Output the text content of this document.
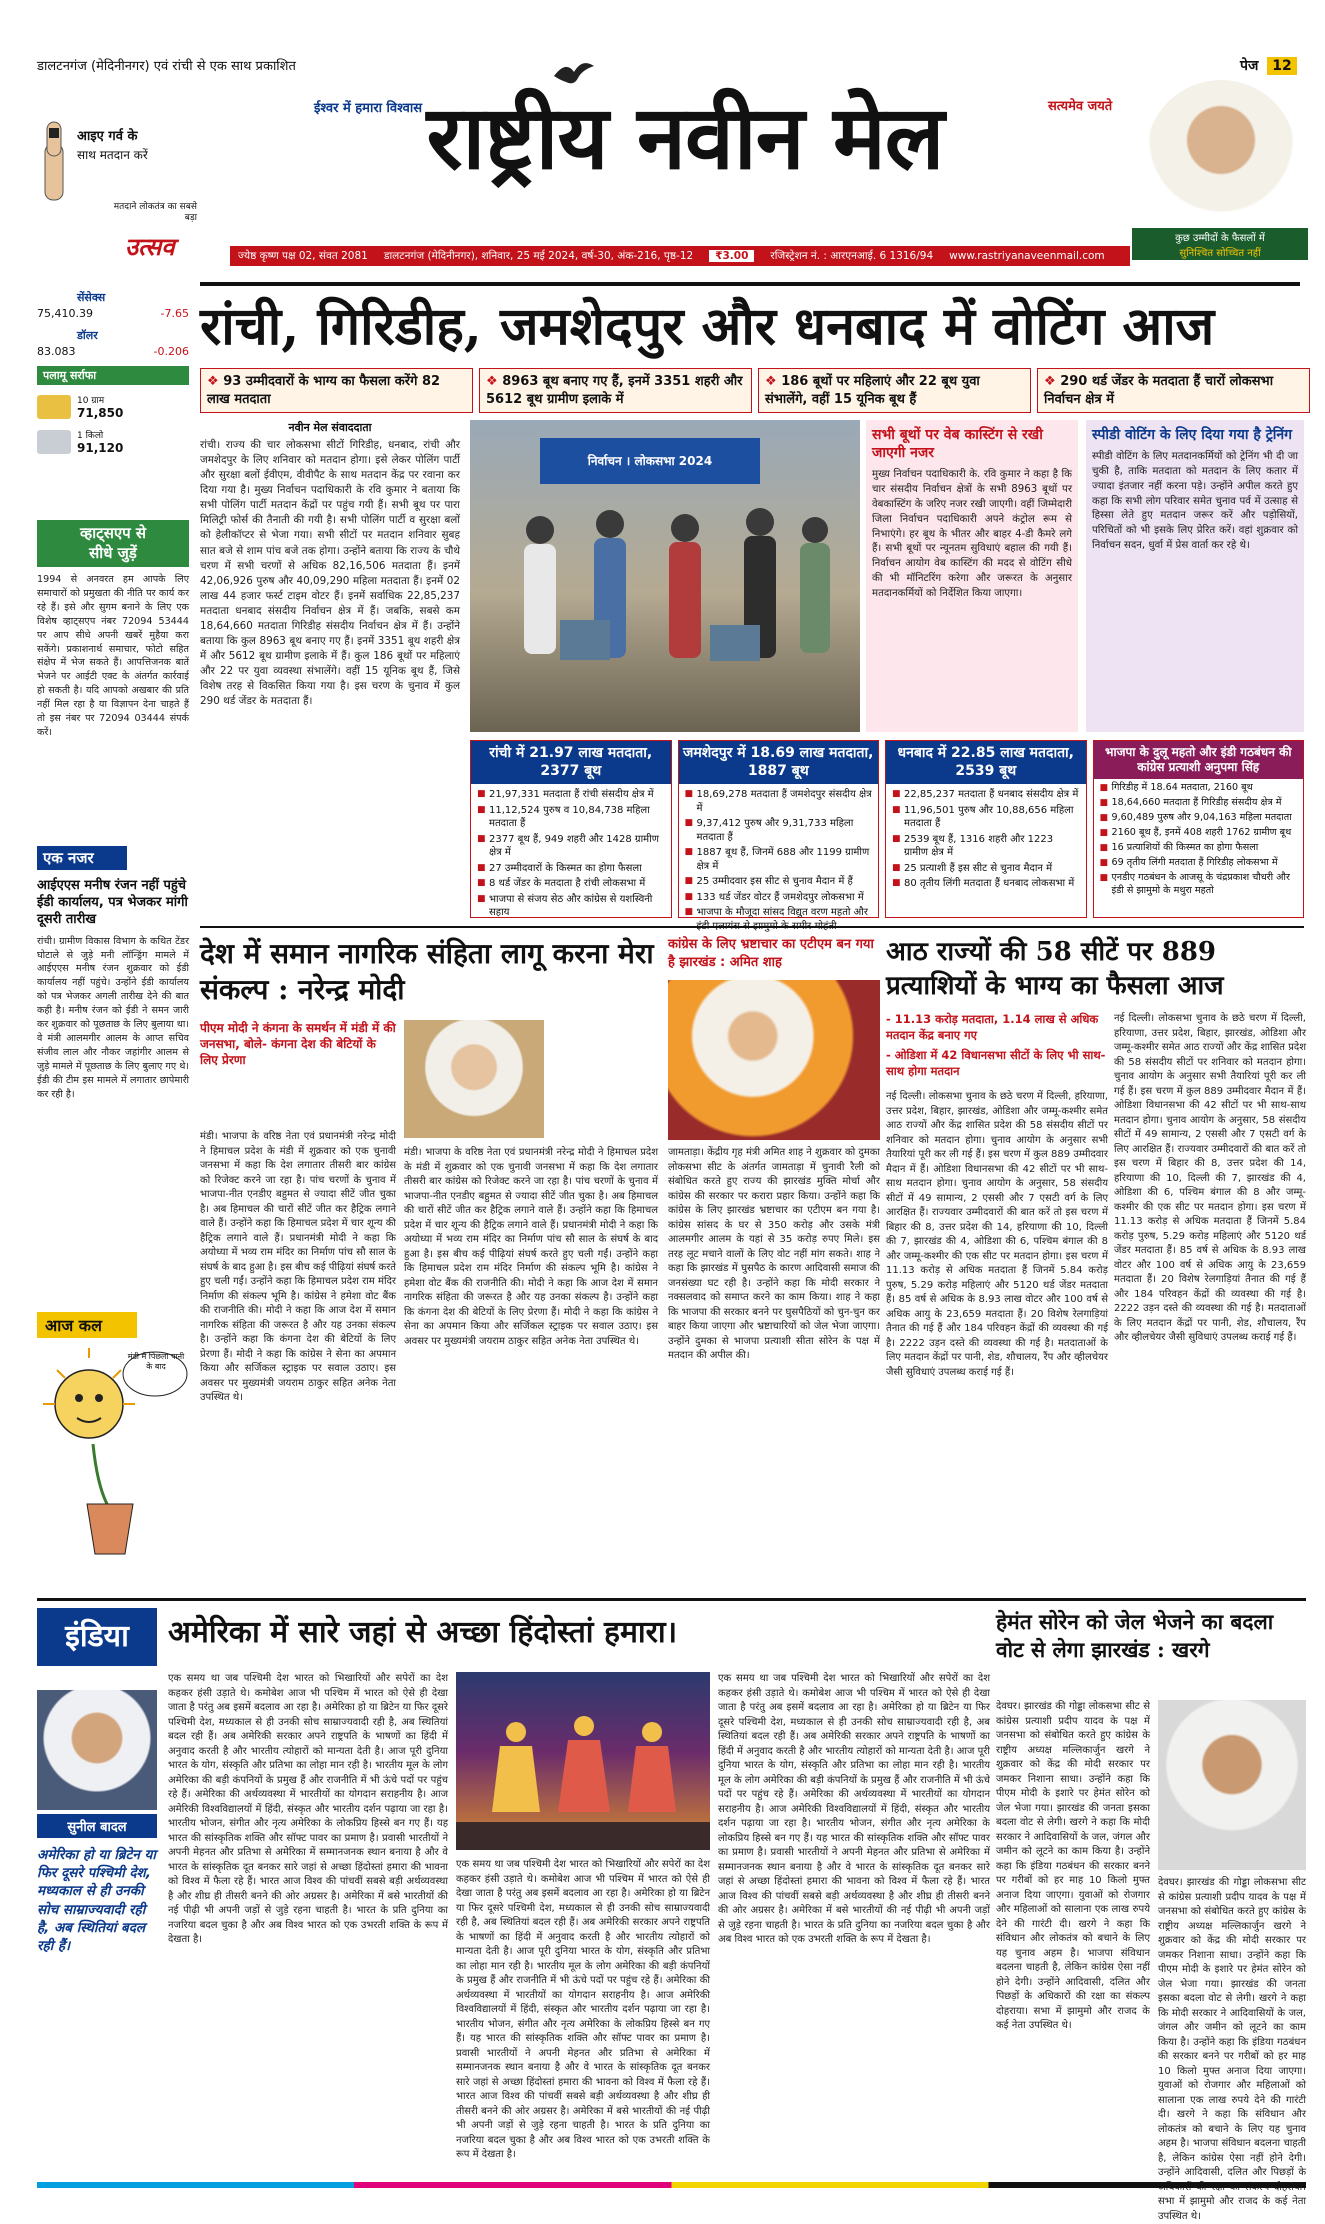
डालटनगंज (मेदिनीनगर) एवं रांची से एक साथ प्रकाशित	पेज 12
आइए गर्व के
साथ मतदान करें
मतदाने लोकतंत्र का सबसे बड़ा
उत्सव
ईश्वर में हमारा विश्वास राष्ट्रीय नवीन मेल	सत्यमेव जयते
कुछ उम्मीदों के फैसलों में
सुनिश्चित सोच्चित नहीं
ज्येष्ठ कृष्ण पक्ष 02, संवत 2081 डालटनगंज (मेदिनीनगर), शनिवार, 25 मई 2024, वर्ष-30, अंक-216, पृष्ठ-12	₹3.00	रजिस्ट्रेशन नं. : आरएनआई. 6 1316/94 www.rastriyanaveenmail.com
सेंसेक्स
75,410.39	-7.65
डॉलर
83.083	-0.206
पलामू सर्राफा
10 ग्राम
71,850
1 किलो
91,120
व्हाट्सएप से
सीधे जुड़ें
1994 से अनवरत हम आपके लिए समाचारों को प्रमुखता की नीति पर कार्य कर रहे हैं। इसे और सुगम बनाने के लिए एक विशेष व्हाट्सएप नंबर 72094 53444 पर आप सीधे अपनी खबरें मुहैया करा सकेंगे। प्रकाशनार्थ समाचार, फोटो सहित संक्षेप में भेज सकते हैं। आपत्तिजनक बातें भेजने पर आईटी एक्ट के अंतर्गत कार्रवाई हो सकती है। यदि आपको अखबार की प्रति नहीं मिल रहा है या विज्ञापन देना चाहते हैं तो इस नंबर पर 72094 03444 संपर्क करें।
एक नजर
आईएएस मनीष रंजन नहीं पहुंचे ईडी कार्यालय, पत्र भेजकर मांगी दूसरी तारीख
रांची। ग्रामीण विकास विभाग के कथित टेंडर घोटाले से जुड़े मनी लॉन्ड्रिंग मामले में आईएएस मनीष रंजन शुक्रवार को ईडी कार्यालय नहीं पहुंचे। उन्होंने ईडी कार्यालय को पत्र भेजकर अगली तारीख देने की बात कही है। मनीष रंजन को ईडी ने समन जारी कर शुक्रवार को पूछताछ के लिए बुलाया था। वे मंत्री आलमगीर आलम के आप्त सचिव संजीव लाल और नौकर जहांगीर आलम से जुड़े मामले में पूछताछ के लिए बुलाए गए थे। ईडी की टीम इस मामले में लगातार छापेमारी कर रही है।
आज कल
मंडी में पिछला पानी के बाद
रांची, गिरिडीह, जमशेदपुर और धनबाद में वोटिंग आज
❖ 93 उम्मीदवारों के भाग्य का फैसला करेंगे 82 लाख मतदाता
❖ 8963 बूथ बनाए गए हैं, इनमें 3351 शहरी और 5612 बूथ ग्रामीण इलाके में
❖ 186 बूथों पर महिलाएं और 22 बूथ युवा संभालेंगे, वहीं 15 यूनिक बूथ हैं
❖ 290 थर्ड जेंडर के मतदाता हैं चारों लोकसभा निर्वाचन क्षेत्र में
नवीन मेल संवाददाता
रांची। राज्य की चार लोकसभा सीटों गिरिडीह, धनबाद, रांची और जमशेदपुर के लिए शनिवार को मतदान होगा। इसे लेकर पोलिंग पार्टी और सुरक्षा बलों ईवीएम, वीवीपैट के साथ मतदान केंद्र पर रवाना कर दिया गया है। मुख्य निर्वाचन पदाधिकारी के रवि कुमार ने बताया कि सभी पोलिंग पार्टी मतदान केंद्रों पर पहुंच गयी हैं। सभी बूथ पर पारा मिलिट्री फोर्स की तैनाती की गयी है। सभी पोलिंग पार्टी व सुरक्षा बलों को हेलीकॉप्टर से भेजा गया। सभी सीटों पर मतदान शनिवार सुबह सात बजे से शाम पांच बजे तक होगा। उन्होंने बताया कि राज्य के चौथे चरण में सभी चरणों से अधिक 82,16,506 मतदाता हैं। इनमें 42,06,926 पुरुष और 40,09,290 महिला मतदाता हैं। इनमें 02 लाख 44 हजार फर्स्ट टाइम वोटर हैं। इनमें सर्वाधिक 22,85,237 मतदाता धनबाद संसदीय निर्वाचन क्षेत्र में हैं। जबकि, सबसे कम 18,64,660 मतदाता गिरिडीह संसदीय निर्वाचन क्षेत्र में हैं। उन्होंने बताया कि कुल 8963 बूथ बनाए गए हैं। इनमें 3351 बूथ शहरी क्षेत्र में और 5612 बूथ ग्रामीण इलाके में हैं। कुल 186 बूथों पर महिलाएं और 22 पर युवा व्यवस्था संभालेंगे। वहीं 15 यूनिक बूथ हैं, जिसे विशेष तरह से विकसित किया गया है। इस चरण के चुनाव में कुल 290 थर्ड जेंडर के मतदाता हैं।
निर्वाचन । लोकसभा 2024
सभी बूथों पर वेब कास्टिंग से रखी जाएगी नजर
मुख्य निर्वाचन पदाधिकारी के. रवि कुमार ने कहा है कि चार संसदीय निर्वाचन क्षेत्रों के सभी 8963 बूथों पर वेबकास्टिंग के जरिए नजर रखी जाएगी। वहीं जिम्मेदारी जिला निर्वाचन पदाधिकारी अपने कंट्रोल रूम से निभाएंगे। हर बूथ के भीतर और बाहर 4-डी कैमरे लगे हैं। सभी बूथों पर न्यूनतम सुविधाएं बहाल की गयी हैं। निर्वाचन आयोग वेब कास्टिंग की मदद से वोटिंग सीधे की भी मॉनिटरिंग करेगा और जरूरत के अनुसार मतदानकर्मियों को निर्देशित किया जाएगा।
स्पीडी वोटिंग के लिए दिया गया है ट्रेनिंग
स्पीडी वोटिंग के लिए मतदानकर्मियों को ट्रेनिंग भी दी जा चुकी है, ताकि मतदाता को मतदान के लिए कतार में ज्यादा इंतजार नहीं करना पड़े। उन्होंने अपील करते हुए कहा कि सभी लोग परिवार समेत चुनाव पर्व में उत्साह से हिस्सा लेते हुए मतदान जरूर करें और पड़ोसियों, परिचितों को भी इसके लिए प्रेरित करें। वहां शुक्रवार को निर्वाचन सदन, धुर्वा में प्रेस वार्ता कर रहे थे।
रांची में 21.97 लाख मतदाता, 2377 बूथ
■ 21,97,331 मतदाता हैं रांची संसदीय क्षेत्र में
■ 11,12,524 पुरुष व 10,84,738 महिला मतदाता हैं
■ 2377 बूथ हैं, 949 शहरी और 1428 ग्रामीण क्षेत्र में
■ 27 उम्मीदवारों के किस्मत का होगा फैसला
■ 8 थर्ड जेंडर के मतदाता है रांची लोकसभा में
■ भाजपा से संजय सेठ और कांग्रेस से यशस्विनी सहाय
जमशेदपुर में 18.69 लाख मतदाता, 1887 बूथ
■ 18,69,278 मतदाता हैं जमशेदपुर संसदीय क्षेत्र में
■ 9,37,412 पुरुष और 9,31,733 महिला मतदाता हैं
■ 1887 बूथ हैं, जिनमें 688 और 1199 ग्रामीण क्षेत्र में
■ 25 उम्मीदवार इस सीट से चुनाव मैदान में हैं
■ 133 थर्ड जेंडर वोटर हैं जमशेदपुर लोकसभा में
■ भाजपा के मौजूदा सांसद विद्युत वरण महतो और
धनबाद में 22.85 लाख मतदाता, 2539 बूथ
■ 22,85,237 मतदाता हैं धनबाद संसदीय क्षेत्र में
■ 11,96,501 पुरुष और 10,88,656 महिला मतदाता हैं
■ 2539 बूथ हैं, 1316 शहरी और 1223 ग्रामीण क्षेत्र में
■ 25 प्रत्याशी हैं इस सीट से चुनाव मैदान में
■ 80 तृतीय लिंगी मतदाता हैं धनबाद लोकसभा में
भाजपा के दुलू महतो और इंडी गठबंधन की कांग्रेस प्रत्याशी अनुपमा सिंह
■ गिरिडीह में 18.64 मतदाता, 2160 बूथ
■ 18,64,660 मतदाता हैं गिरिडीह संसदीय क्षेत्र में
■ 9,60,489 पुरुष और 9,04,163 महिला मतदाता
■ 2160 बूथ हैं, इनमें 408 शहरी 1762 ग्रामीण बूथ
■ 16 प्रत्याशियों की किस्मत का होगा फैसला
■ 69 तृतीय लिंगी मतदाता हैं गिरिडीह लोकसभा में
■ एनडीए गठबंधन के आजसू के चंद्रप्रकाश चौधरी और इंडी से झामुमो के मथुरा महतो
देश में समान नागरिक संहिता लागू करना मेरा संकल्प : नरेन्द्र मोदी
पीएम मोदी ने कंगना के समर्थन में मंडी में की जनसभा, बोले- कंगना देश की बेटियों के लिए प्रेरणा
मंडी। भाजपा के वरिष्ठ नेता एवं प्रधानमंत्री नरेन्द्र मोदी ने हिमाचल प्रदेश के मंडी में शुक्रवार को एक चुनावी जनसभा में कहा कि देश लगातार तीसरी बार कांग्रेस को रिजेक्ट करने जा रहा है। पांच चरणों के चुनाव में भाजपा-नीत एनडीए बहुमत से ज्यादा सीटें जीत चुका है। अब हिमाचल की चारों सीटें जीत कर हैट्रिक लगाने वाले हैं। उन्होंने कहा कि हिमाचल प्रदेश में चार शून्य की हैट्रिक लगाने वाले हैं। प्रधानमंत्री मोदी ने कहा कि अयोध्या में भव्य राम मंदिर का निर्माण पांच सौ साल के संघर्ष के बाद हुआ है। इस बीच कई पीढ़ियां संघर्ष करते हुए चली गईं। उन्होंने कहा कि हिमाचल प्रदेश राम मंदिर निर्माण की संकल्प भूमि है। कांग्रेस ने हमेशा वोट बैंक की राजनीति की। मोदी ने कहा कि आज देश में समान नागरिक संहिता की जरूरत है और यह उनका संकल्प है। उन्होंने कहा कि कंगना देश की बेटियों के लिए प्रेरणा हैं। मोदी ने कहा कि कांग्रेस ने सेना का अपमान किया और सर्जिकल स्ट्राइक पर सवाल उठाए। इस अवसर पर मुख्यमंत्री जयराम ठाकुर सहित अनेक नेता उपस्थित थे।
मंडी। भाजपा के वरिष्ठ नेता एवं प्रधानमंत्री नरेन्द्र मोदी ने हिमाचल प्रदेश के मंडी में शुक्रवार को एक चुनावी जनसभा में कहा कि देश लगातार तीसरी बार कांग्रेस को रिजेक्ट करने जा रहा है। पांच चरणों के चुनाव में भाजपा-नीत एनडीए बहुमत से ज्यादा सीटें जीत चुका है। अब हिमाचल की चारों सीटें जीत कर हैट्रिक लगाने वाले हैं। उन्होंने कहा कि हिमाचल प्रदेश में चार शून्य की हैट्रिक लगाने वाले हैं। प्रधानमंत्री मोदी ने कहा कि अयोध्या में भव्य राम मंदिर का निर्माण पांच सौ साल के संघर्ष के बाद हुआ है। इस बीच कई पीढ़ियां संघर्ष करते हुए चली गईं। उन्होंने कहा कि हिमाचल प्रदेश राम मंदिर निर्माण की संकल्प भूमि है। कांग्रेस ने हमेशा वोट बैंक की राजनीति की। मोदी ने कहा कि आज देश में समान नागरिक संहिता की जरूरत है और यह उनका संकल्प है। उन्होंने कहा कि कंगना देश की बेटियों के लिए प्रेरणा हैं। मोदी ने कहा कि कांग्रेस ने सेना का अपमान किया और सर्जिकल स्ट्राइक पर सवाल उठाए। इस अवसर पर मुख्यमंत्री जयराम ठाकुर सहित अनेक नेता उपस्थित थे।
कांग्रेस के लिए भ्रष्टाचार का एटीएम बन गया है झारखंड : अमित शाह
जामताड़ा। केंद्रीय गृह मंत्री अमित शाह ने शुक्रवार को दुमका लोकसभा सीट के अंतर्गत जामताड़ा में चुनावी रैली को संबोधित करते हुए राज्य की झारखंड मुक्ति मोर्चा और कांग्रेस की सरकार पर करारा प्रहार किया। उन्होंने कहा कि कांग्रेस के लिए झारखंड भ्रष्टाचार का एटीएम बन गया है। कांग्रेस सांसद के घर से 350 करोड़ और उसके मंत्री आलमगीर आलम के यहां से 35 करोड़ रुपए मिले। इस तरह लूट मचाने वालों के लिए वोट नहीं मांग सकते। शाह ने कहा कि झारखंड में घुसपैठ के कारण आदिवासी समाज की जनसंख्या घट रही है। उन्होंने कहा कि मोदी सरकार ने नक्सलवाद को समाप्त करने का काम किया। शाह ने कहा कि भाजपा की सरकार बनने पर घुसपैठियों को चुन-चुन कर बाहर किया जाएगा और भ्रष्टाचारियों को जेल भेजा जाएगा। उन्होंने दुमका से भाजपा प्रत्याशी सीता सोरेन के पक्ष में मतदान की अपील की।
आठ राज्यों की 58 सीटें पर 889 प्रत्याशियों के भाग्य का फैसला आज
- 11.13 करोड़ मतदाता, 1.14 लाख से अधिक मतदान केंद्र बनाए गए
- ओडिशा में 42 विधानसभा सीटों के लिए भी साथ-साथ होगा मतदान
नई दिल्ली। लोकसभा चुनाव के छठे चरण में दिल्ली, हरियाणा, उत्तर प्रदेश, बिहार, झारखंड, ओडिशा और जम्मू-कश्मीर समेत आठ राज्यों और केंद्र शासित प्रदेश की 58 संसदीय सीटों पर शनिवार को मतदान होगा। चुनाव आयोग के अनुसार सभी तैयारियां पूरी कर ली गई हैं। इस चरण में कुल 889 उम्मीदवार मैदान में हैं। ओडिशा विधानसभा की 42 सीटों पर भी साथ-साथ मतदान होगा। चुनाव आयोग के अनुसार, 58 संसदीय सीटों में 49 सामान्य, 2 एससी और 7 एसटी वर्ग के लिए आरक्षित हैं। राज्यवार उम्मीदवारों की बात करें तो इस चरण में बिहार की 8, उत्तर प्रदेश की 14, हरियाणा की 10, दिल्ली की 7, झारखंड की 4, ओडिशा की 6, पश्चिम बंगाल की 8 और जम्मू-कश्मीर की एक सीट पर मतदान होगा। इस चरण में 11.13 करोड़ से अधिक मतदाता हैं जिनमें 5.84 करोड़ पुरुष, 5.29 करोड़ महिलाएं और 5120 थर्ड जेंडर मतदाता हैं। 85 वर्ष से अधिक के 8.93 लाख वोटर और 100 वर्ष से अधिक आयु के 23,659 मतदाता हैं। 20 विशेष रेलगाड़ियां तैनात की गई हैं और 184 परिवहन केंद्रों की व्यवस्था की गई है। 2222 उड़न दस्ते की व्यवस्था की गई है। मतदाताओं के लिए मतदान केंद्रों पर पानी, शेड, शौचालय, रैंप और व्हीलचेयर जैसी सुविधाएं उपलब्ध कराई गई हैं।
नई दिल्ली। लोकसभा चुनाव के छठे चरण में दिल्ली, हरियाणा, उत्तर प्रदेश, बिहार, झारखंड, ओडिशा और जम्मू-कश्मीर समेत आठ राज्यों और केंद्र शासित प्रदेश की 58 संसदीय सीटों पर शनिवार को मतदान होगा। चुनाव आयोग के अनुसार सभी तैयारियां पूरी कर ली गई हैं। इस चरण में कुल 889 उम्मीदवार मैदान में हैं। ओडिशा विधानसभा की 42 सीटों पर भी साथ-साथ मतदान होगा। चुनाव आयोग के अनुसार, 58 संसदीय सीटों में 49 सामान्य, 2 एससी और 7 एसटी वर्ग के लिए आरक्षित हैं। राज्यवार उम्मीदवारों की बात करें तो इस चरण में बिहार की 8, उत्तर प्रदेश की 14, हरियाणा की 10, दिल्ली की 7, झारखंड की 4, ओडिशा की 6, पश्चिम बंगाल की 8 और जम्मू-कश्मीर की एक सीट पर मतदान होगा। इस चरण में 11.13 करोड़ से अधिक मतदाता हैं जिनमें 5.84 करोड़ पुरुष, 5.29 करोड़ महिलाएं और 5120 थर्ड जेंडर मतदाता हैं। 85 वर्ष से अधिक के 8.93 लाख वोटर और 100 वर्ष से अधिक आयु के 23,659 मतदाता हैं। 20 विशेष रेलगाड़ियां तैनात की गई हैं और 184 परिवहन केंद्रों की व्यवस्था की गई है। 2222 उड़न दस्ते की व्यवस्था की गई है। मतदाताओं के लिए मतदान केंद्रों पर पानी, शेड, शौचालय, रैंप और व्हीलचेयर जैसी सुविधाएं उपलब्ध कराई गई हैं।
इंडिया	अमेरिका में सारे जहां से अच्छा हिंदोस्तां हमारा।
सुनील बादल
अमेरिका हो या ब्रिटेन या फिर दूसरे पश्चिमी देश, मध्यकाल से ही उनकी सोच साम्राज्यवादी रही है, अब स्थितियां बदल रही हैं।
एक समय था जब पश्चिमी देश भारत को भिखारियों और सपेरों का देश कहकर हंसी उड़ाते थे। कमोबेश आज भी पश्चिम में भारत को ऐसे ही देखा जाता है परंतु अब इसमें बदलाव आ रहा है। अमेरिका हो या ब्रिटेन या फिर दूसरे पश्चिमी देश, मध्यकाल से ही उनकी सोच साम्राज्यवादी रही है, अब स्थितियां बदल रही हैं। अब अमेरिकी सरकार अपने राष्ट्रपति के भाषणों का हिंदी में अनुवाद करती है और भारतीय त्योहारों को मान्यता देती है। आज पूरी दुनिया भारत के योग, संस्कृति और प्रतिभा का लोहा मान रही है। भारतीय मूल के लोग अमेरिका की बड़ी कंपनियों के प्रमुख हैं और राजनीति में भी ऊंचे पदों पर पहुंच रहे हैं। अमेरिका की अर्थव्यवस्था में भारतीयों का योगदान सराहनीय है। आज अमेरिकी विश्वविद्यालयों में हिंदी, संस्कृत और भारतीय दर्शन पढ़ाया जा रहा है। भारतीय भोजन, संगीत और नृत्य अमेरिका के लोकप्रिय हिस्से बन गए हैं। यह भारत की सांस्कृतिक शक्ति और सॉफ्ट पावर का प्रमाण है। प्रवासी भारतीयों ने अपनी मेहनत और प्रतिभा से अमेरिका में सम्मानजनक स्थान बनाया है और वे भारत के सांस्कृतिक दूत बनकर सारे जहां से अच्छा हिंदोस्तां हमारा की भावना को विश्व में फैला रहे हैं। भारत आज विश्व की पांचवीं सबसे बड़ी अर्थव्यवस्था है और शीघ्र ही तीसरी बनने की ओर अग्रसर है। अमेरिका में बसे भारतीयों की नई पीढ़ी भी अपनी जड़ों से जुड़े रहना चाहती है। भारत के प्रति दुनिया का नजरिया बदल चुका है और अब विश्व भारत को एक उभरती शक्ति के रूप में देखता है।
एक समय था जब पश्चिमी देश भारत को भिखारियों और सपेरों का देश कहकर हंसी उड़ाते थे। कमोबेश आज भी पश्चिम में भारत को ऐसे ही देखा जाता है परंतु अब इसमें बदलाव आ रहा है। अमेरिका हो या ब्रिटेन या फिर दूसरे पश्चिमी देश, मध्यकाल से ही उनकी सोच साम्राज्यवादी रही है, अब स्थितियां बदल रही हैं। अब अमेरिकी सरकार अपने राष्ट्रपति के भाषणों का हिंदी में अनुवाद करती है और भारतीय त्योहारों को मान्यता देती है। आज पूरी दुनिया भारत के योग, संस्कृति और प्रतिभा का लोहा मान रही है। भारतीय मूल के लोग अमेरिका की बड़ी कंपनियों के प्रमुख हैं और राजनीति में भी ऊंचे पदों पर पहुंच रहे हैं। अमेरिका की अर्थव्यवस्था में भारतीयों का योगदान सराहनीय है। आज अमेरिकी विश्वविद्यालयों में हिंदी, संस्कृत और भारतीय दर्शन पढ़ाया जा रहा है। भारतीय भोजन, संगीत और नृत्य अमेरिका के लोकप्रिय हिस्से बन गए हैं। यह भारत की सांस्कृतिक शक्ति और सॉफ्ट पावर का प्रमाण है। प्रवासी भारतीयों ने अपनी मेहनत और प्रतिभा से अमेरिका में सम्मानजनक स्थान बनाया है और वे भारत के सांस्कृतिक दूत बनकर सारे जहां से अच्छा हिंदोस्तां हमारा की भावना को विश्व में फैला रहे हैं। भारत आज विश्व की पांचवीं सबसे बड़ी अर्थव्यवस्था है और शीघ्र ही तीसरी बनने की ओर अग्रसर है। अमेरिका में बसे भारतीयों की नई पीढ़ी भी अपनी जड़ों से जुड़े रहना चाहती है। भारत के प्रति दुनिया का नजरिया बदल चुका है और अब विश्व भारत को एक उभरती शक्ति के रूप में देखता है।
एक समय था जब पश्चिमी देश भारत को भिखारियों और सपेरों का देश कहकर हंसी उड़ाते थे। कमोबेश आज भी पश्चिम में भारत को ऐसे ही देखा जाता है परंतु अब इसमें बदलाव आ रहा है। अमेरिका हो या ब्रिटेन या फिर दूसरे पश्चिमी देश, मध्यकाल से ही उनकी सोच साम्राज्यवादी रही है, अब स्थितियां बदल रही हैं। अब अमेरिकी सरकार अपने राष्ट्रपति के भाषणों का हिंदी में अनुवाद करती है और भारतीय त्योहारों को मान्यता देती है। आज पूरी दुनिया भारत के योग, संस्कृति और प्रतिभा का लोहा मान रही है। भारतीय मूल के लोग अमेरिका की बड़ी कंपनियों के प्रमुख हैं और राजनीति में भी ऊंचे पदों पर पहुंच रहे हैं। अमेरिका की अर्थव्यवस्था में भारतीयों का योगदान सराहनीय है। आज अमेरिकी विश्वविद्यालयों में हिंदी, संस्कृत और भारतीय दर्शन पढ़ाया जा रहा है। भारतीय भोजन, संगीत और नृत्य अमेरिका के लोकप्रिय हिस्से बन गए हैं। यह भारत की सांस्कृतिक शक्ति और सॉफ्ट पावर का प्रमाण है। प्रवासी भारतीयों ने अपनी मेहनत और प्रतिभा से अमेरिका में सम्मानजनक स्थान बनाया है और वे भारत के सांस्कृतिक दूत बनकर सारे जहां से अच्छा हिंदोस्तां हमारा की भावना को विश्व में फैला रहे हैं। भारत आज विश्व की पांचवीं सबसे बड़ी अर्थव्यवस्था है और शीघ्र ही तीसरी बनने की ओर अग्रसर है। अमेरिका में बसे भारतीयों की नई पीढ़ी भी अपनी जड़ों से जुड़े रहना चाहती है। भारत के प्रति दुनिया का नजरिया बदल चुका है और अब विश्व भारत को एक उभरती शक्ति के रूप में देखता है।
हेमंत सोरेन को जेल भेजने का बदला वोट से लेगा झारखंड : खरगे
देवघर। झारखंड की गोड्डा लोकसभा सीट से कांग्रेस प्रत्याशी प्रदीप यादव के पक्ष में जनसभा को संबोधित करते हुए कांग्रेस के राष्ट्रीय अध्यक्ष मल्लिकार्जुन खरगे ने शुक्रवार को केंद्र की मोदी सरकार पर जमकर निशाना साधा। उन्होंने कहा कि पीएम मोदी के इशारे पर हेमंत सोरेन को जेल भेजा गया। झारखंड की जनता इसका बदला वोट से लेगी। खरगे ने कहा कि मोदी सरकार ने आदिवासियों के जल, जंगल और जमीन को लूटने का काम किया है। उन्होंने कहा कि इंडिया गठबंधन की सरकार बनने पर गरीबों को हर माह 10 किलो मुफ्त अनाज दिया जाएगा। युवाओं को रोजगार और महिलाओं को सालाना एक लाख रुपये देने की गारंटी दी। खरगे ने कहा कि संविधान और लोकतंत्र को बचाने के लिए यह चुनाव अहम है। भाजपा संविधान बदलना चाहती है, लेकिन कांग्रेस ऐसा नहीं होने देगी। उन्होंने आदिवासी, दलित और पिछड़ों के अधिकारों की रक्षा का संकल्प दोहराया। सभा में झामुमो और राजद के कई नेता उपस्थित थे।
देवघर। झारखंड की गोड्डा लोकसभा सीट से कांग्रेस प्रत्याशी प्रदीप यादव के पक्ष में जनसभा को संबोधित करते हुए कांग्रेस के राष्ट्रीय अध्यक्ष मल्लिकार्जुन खरगे ने शुक्रवार को केंद्र की मोदी सरकार पर जमकर निशाना साधा। उन्होंने कहा कि पीएम मोदी के इशारे पर हेमंत सोरेन को जेल भेजा गया। झारखंड की जनता इसका बदला वोट से लेगी। खरगे ने कहा कि मोदी सरकार ने आदिवासियों के जल, जंगल और जमीन को लूटने का काम किया है। उन्होंने कहा कि इंडिया गठबंधन की सरकार बनने पर गरीबों को हर माह 10 किलो मुफ्त अनाज दिया जाएगा। युवाओं को रोजगार और महिलाओं को सालाना एक लाख रुपये देने की गारंटी दी। खरगे ने कहा कि संविधान और लोकतंत्र को बचाने के लिए यह चुनाव अहम है। भाजपा संविधान बदलना चाहती है, लेकिन कांग्रेस ऐसा नहीं होने देगी। उन्होंने आदिवासी, दलित और पिछड़ों के सभा में झामुमो और राजद के कई नेता उपस्थित थे।
